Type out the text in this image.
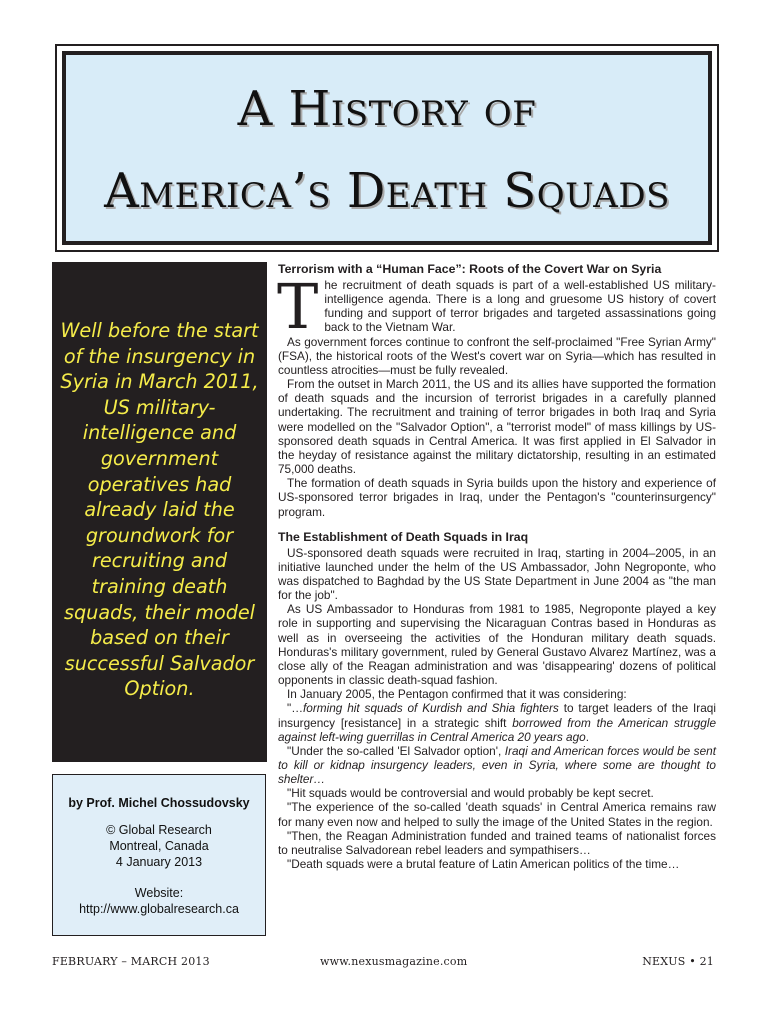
A History of
America’s Death Squads
Well before the start of the insurgency in Syria in March 2011, US military-intelligence and government operatives had already laid the groundwork for recruiting and training death squads, their model based on their successful Salvador Option.
by Prof. Michel Chossudovsky
© Global Research
Montreal, Canada
4 January 2013
Website:
http://www.globalresearch.ca
Terrorism with a “Human Face”: Roots of the Covert War on Syria

The recruitment of death squads is part of a well-established US military-intelligence agenda. There is a long and gruesome US history of covert funding and support of terror brigades and targeted assassinations going back to the Vietnam War.

As government forces continue to confront the self-proclaimed "Free Syrian Army" (FSA), the historical roots of the West's covert war on Syria—which has resulted in countless atrocities—must be fully revealed.

From the outset in March 2011, the US and its allies have supported the formation of death squads and the incursion of terrorist brigades in a carefully planned undertaking. The recruitment and training of terror brigades in both Iraq and Syria were modelled on the "Salvador Option", a "terrorist model" of mass killings by US-sponsored death squads in Central America. It was first applied in El Salvador in the heyday of resistance against the military dictatorship, resulting in an estimated 75,000 deaths.

The formation of death squads in Syria builds upon the history and experience of US-sponsored terror brigades in Iraq, under the Pentagon's "counterinsurgency" program.

The Establishment of Death Squads in Iraq

US-sponsored death squads were recruited in Iraq, starting in 2004–2005, in an initiative launched under the helm of the US Ambassador, John Negroponte, who was dispatched to Baghdad by the US State Department in June 2004 as "the man for the job".

As US Ambassador to Honduras from 1981 to 1985, Negroponte played a key role in supporting and supervising the Nicaraguan Contras based in Honduras as well as in overseeing the activities of the Honduran military death squads. Honduras's military government, ruled by General Gustavo Alvarez Martínez, was a close ally of the Reagan administration and was 'disappearing' dozens of political opponents in classic death-squad fashion.

In January 2005, the Pentagon confirmed that it was considering:

"…forming hit squads of Kurdish and Shia fighters to target leaders of the Iraqi insurgency [resistance] in a strategic shift borrowed from the American struggle against left-wing guerrillas in Central America 20 years ago.

"Under the so-called 'El Salvador option', Iraqi and American forces would be sent to kill or kidnap insurgency leaders, even in Syria, where some are thought to shelter…

"Hit squads would be controversial and would probably be kept secret.

"The experience of the so-called 'death squads' in Central America remains raw for many even now and helped to sully the image of the United States in the region.

"Then, the Reagan Administration funded and trained teams of nationalist forces to neutralise Salvadorean rebel leaders and sympathisers…

"Death squads were a brutal feature of Latin American politics of the time…

FEBRUARY – MARCH 2013	www.nexusmagazine.com	NEXUS • 21
